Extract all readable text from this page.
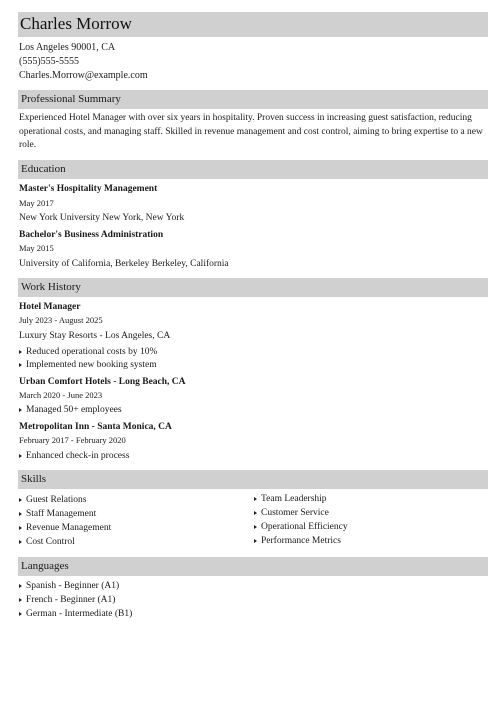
Charles Morrow
Los Angeles 90001, CA
(555)555-5555
Charles.Morrow@example.com
Professional Summary
Experienced Hotel Manager with over six years in hospitality. Proven success in increasing guest satisfaction, reducing operational costs, and managing staff. Skilled in revenue management and cost control, aiming to bring expertise to a new role.
Education
Master's Hospitality Management
May 2017
New York University New York, New York
Bachelor's Business Administration
May 2015
University of California, Berkeley Berkeley, California
Work History
Hotel Manager
July 2023 - August 2025
Luxury Stay Resorts - Los Angeles, CA
Reduced operational costs by 10%
Implemented new booking system
Urban Comfort Hotels - Long Beach, CA
March 2020 - June 2023
Managed 50+ employees
Metropolitan Inn - Santa Monica, CA
February 2017 - February 2020
Enhanced check-in process
Skills
Guest Relations
Staff Management
Revenue Management
Cost Control
Team Leadership
Customer Service
Operational Efficiency
Performance Metrics
Languages
Spanish - Beginner (A1)
French - Beginner (A1)
German - Intermediate (B1)
